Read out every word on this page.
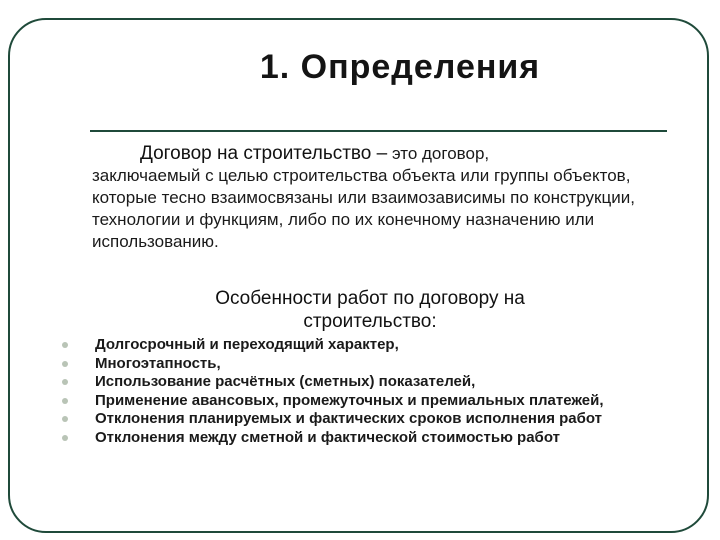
1. Определения
Договор на строительство – это договор,
заключаемый с целью строительства объекта или группы объектов, которые тесно взаимосвязаны или взаимозависимы по конструкции, технологии и функциям, либо по их конечному назначению или использованию.
Особенности работ по договору на
строительство:
Долгосрочный и переходящий характер,
Многоэтапность,
Использование расчётных (сметных) показателей,
Применение авансовых, промежуточных и премиальных платежей,
Отклонения планируемых и фактических сроков исполнения работ
Отклонения между сметной и фактической стоимостью работ
